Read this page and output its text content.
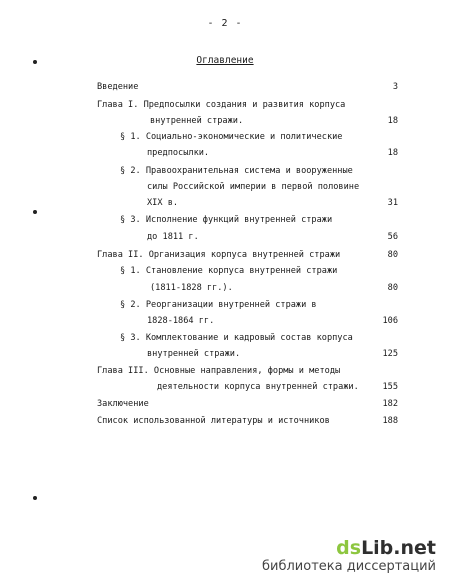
- 2 -
Оглавление
Введение	3
Глава I. Предпосылки создания и развития корпуса
внутренней стражи.	18
§ 1. Социально-экономические и политические
предпосылки.	18
§ 2. Правоохранительная система и вооруженные
силы Российской империи в первой половине
XIX в.	31
§ 3. Исполнение функций внутренней стражи
до 1811 г.	56
Глава II. Организация корпуса внутренней стражи	80
§ 1. Становление корпуса внутренней стражи
(1811-1828 гг.).	80
§ 2. Реорганизации внутренней стражи в
1828-1864 гг.	106
§ 3. Комплектование и кадровый состав корпуса
внутренней стражи.	125
Глава III. Основные направления, формы и методы
деятельности корпуса внутренней стражи.	155
Заключение	182
Список использованной литературы и источников	188
dsLib.net
библиотека диссертаций
